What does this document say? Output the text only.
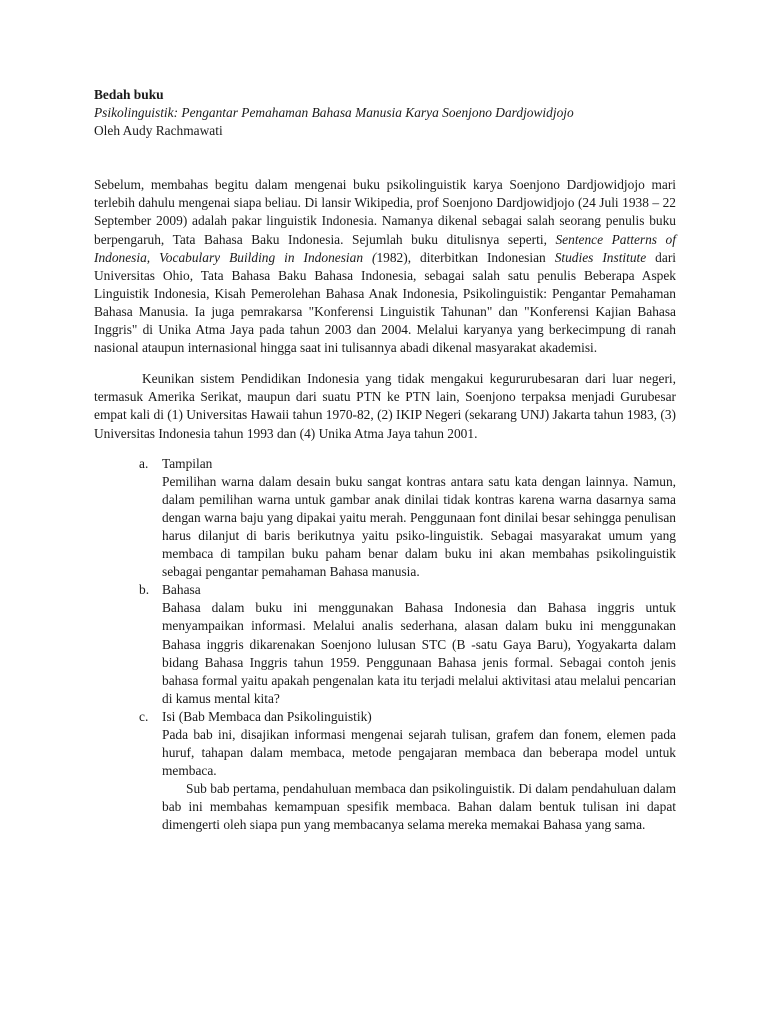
Bedah buku

Psikolinguistik: Pengantar Pemahaman Bahasa Manusia Karya Soenjono Dardjowidjojo

Oleh Audy Rachmawati

Sebelum, membahas begitu dalam mengenai buku psikolinguistik karya Soenjono Dardjowidjojo mari terlebih dahulu mengenai siapa beliau. Di lansir Wikipedia, prof Soenjono Dardjowidjojo (24 Juli 1938 – 22 September 2009) adalah pakar linguistik Indonesia. Namanya dikenal sebagai salah seorang penulis buku berpengaruh, Tata Bahasa Baku Indonesia. Sejumlah buku ditulisnya seperti, Sentence Patterns of Indonesia, Vocabulary Building in Indonesian (1982), diterbitkan Indonesian Studies Institute dari Universitas Ohio, Tata Bahasa Baku Bahasa Indonesia, sebagai salah satu penulis Beberapa Aspek Linguistik Indonesia, Kisah Pemerolehan Bahasa Anak Indonesia, Psikolinguistik: Pengantar Pemahaman Bahasa Manusia. Ia juga pemrakarsa "Konferensi Linguistik Tahunan" dan "Konferensi Kajian Bahasa Inggris" di Unika Atma Jaya pada tahun 2003 dan 2004. Melalui karyanya yang berkecimpung di ranah nasional ataupun internasional hingga saat ini tulisannya abadi dikenal masyarakat akademisi.

Keunikan sistem Pendidikan Indonesia yang tidak mengakui kegururubesaran dari luar negeri, termasuk Amerika Serikat, maupun dari suatu PTN ke PTN lain, Soenjono terpaksa menjadi Gurubesar empat kali di (1) Universitas Hawaii tahun 1970-82, (2) IKIP Negeri (sekarang UNJ) Jakarta tahun 1983, (3) Universitas Indonesia tahun 1993 dan (4) Unika Atma Jaya tahun 2001.

a. Tampilan

Pemilihan warna dalam desain buku sangat kontras antara satu kata dengan lainnya. Namun, dalam pemilihan warna untuk gambar anak dinilai tidak kontras karena warna dasarnya sama dengan warna baju yang dipakai yaitu merah. Penggunaan font dinilai besar sehingga penulisan harus dilanjut di baris berikutnya yaitu psiko-linguistik. Sebagai masyarakat umum yang membaca di tampilan buku paham benar dalam buku ini akan membahas psikolinguistik sebagai pengantar pemahaman Bahasa manusia.

b. Bahasa

Bahasa dalam buku ini menggunakan Bahasa Indonesia dan Bahasa inggris untuk menyampaikan informasi. Melalui analis sederhana, alasan dalam buku ini menggunakan Bahasa inggris dikarenakan Soenjono lulusan STC (B -satu Gaya Baru), Yogyakarta dalam bidang Bahasa Inggris tahun 1959. Penggunaan Bahasa jenis formal. Sebagai contoh jenis bahasa formal yaitu apakah pengenalan kata itu terjadi melalui aktivitasi atau melalui pencarian di kamus mental kita?

c. Isi (Bab Membaca dan Psikolinguistik)

Pada bab ini, disajikan informasi mengenai sejarah tulisan, grafem dan fonem, elemen pada huruf, tahapan dalam membaca, metode pengajaran membaca dan beberapa model untuk membaca.

Sub bab pertama, pendahuluan membaca dan psikolinguistik. Di dalam pendahuluan dalam bab ini membahas kemampuan spesifik membaca. Bahan dalam bentuk tulisan ini dapat dimengerti oleh siapa pun yang membacanya selama mereka memakai Bahasa yang sama.
